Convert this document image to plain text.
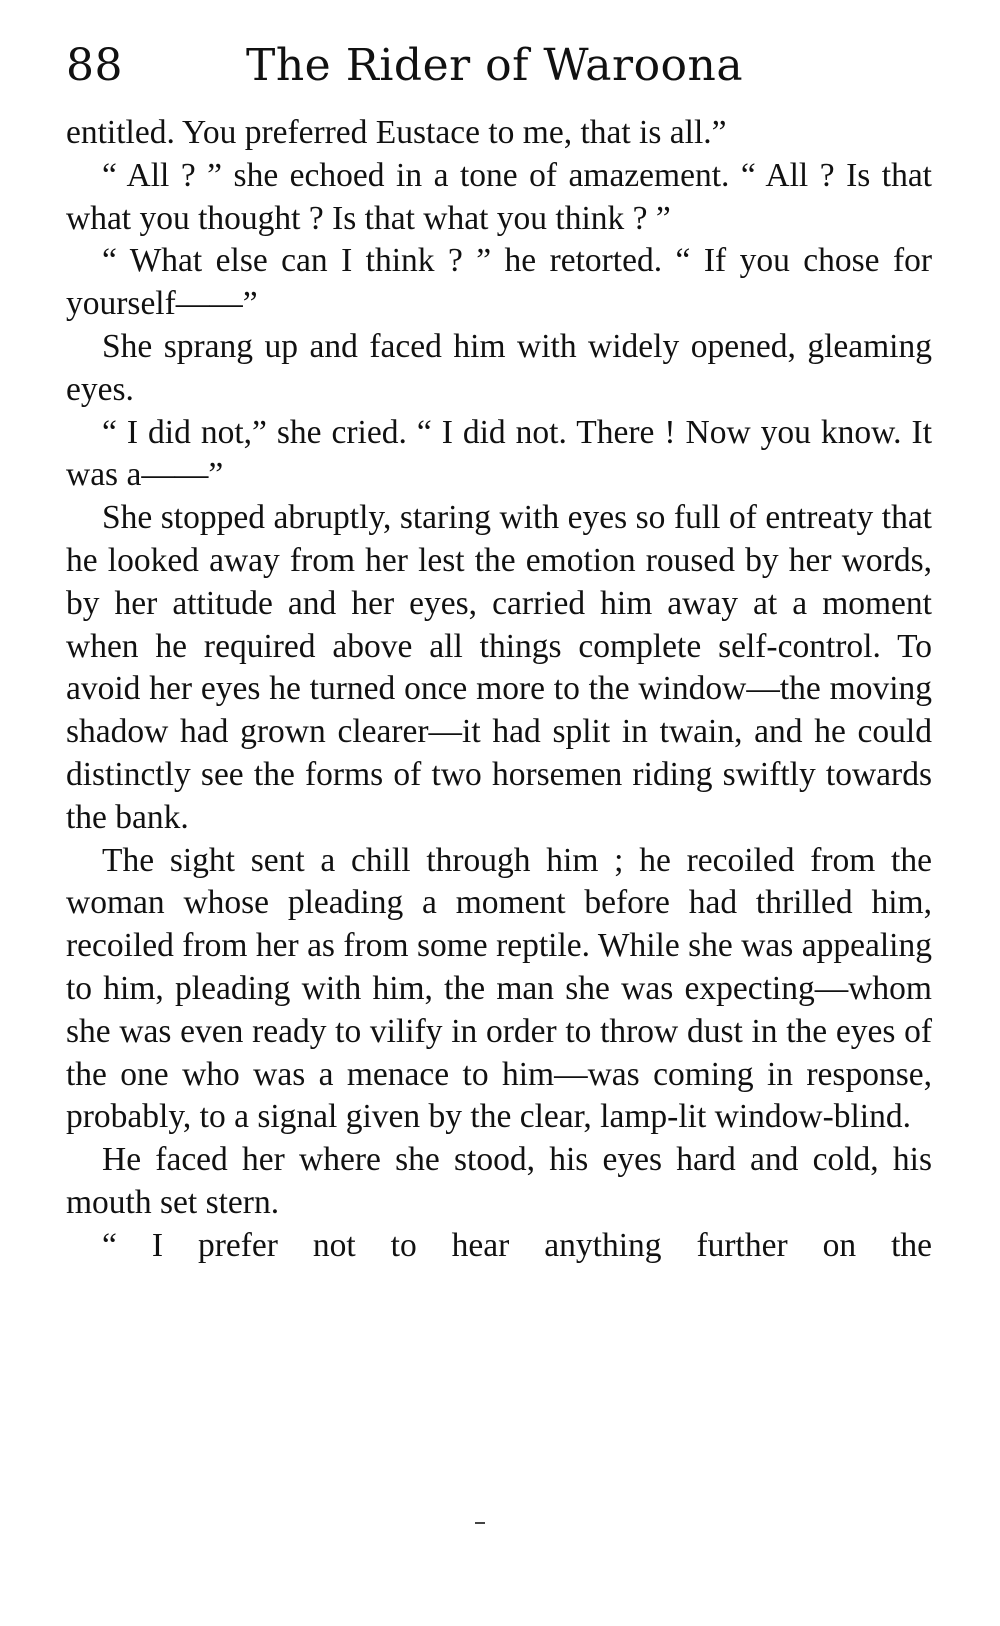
88	The Rider of Waroona

entitled. You preferred Eustace to me, that is all.”

“ All ? ” she echoed in a tone of amazement. “ All ? Is that what you thought ? Is that what you think ? ”

“ What else can I think ? ” he retorted. “ If you chose for yourself——”

She sprang up and faced him with widely opened, gleaming eyes.

“ I did not,” she cried. “ I did not. There ! Now you know. It was a——”

She stopped abruptly, staring with eyes so full of entreaty that he looked away from her lest the emotion roused by her words, by her attitude and her eyes, carried him away at a moment when he required above all things complete self-control. To avoid her eyes he turned once more to the window—the moving shadow had grown clearer—it had split in twain, and he could distinctly see the forms of two horsemen riding swiftly towards the bank.

The sight sent a chill through him ; he recoiled from the woman whose pleading a moment before had thrilled him, recoiled from her as from some reptile. While she was appealing to him, pleading with him, the man she was expecting—whom she was even ready to vilify in order to throw dust in the eyes of the one who was a menace to him—was coming in response, probably, to a signal given by the clear, lamp-lit window-blind.

He faced her where she stood, his eyes hard and cold, his mouth set stern.

“ I prefer not to hear anything further on the
